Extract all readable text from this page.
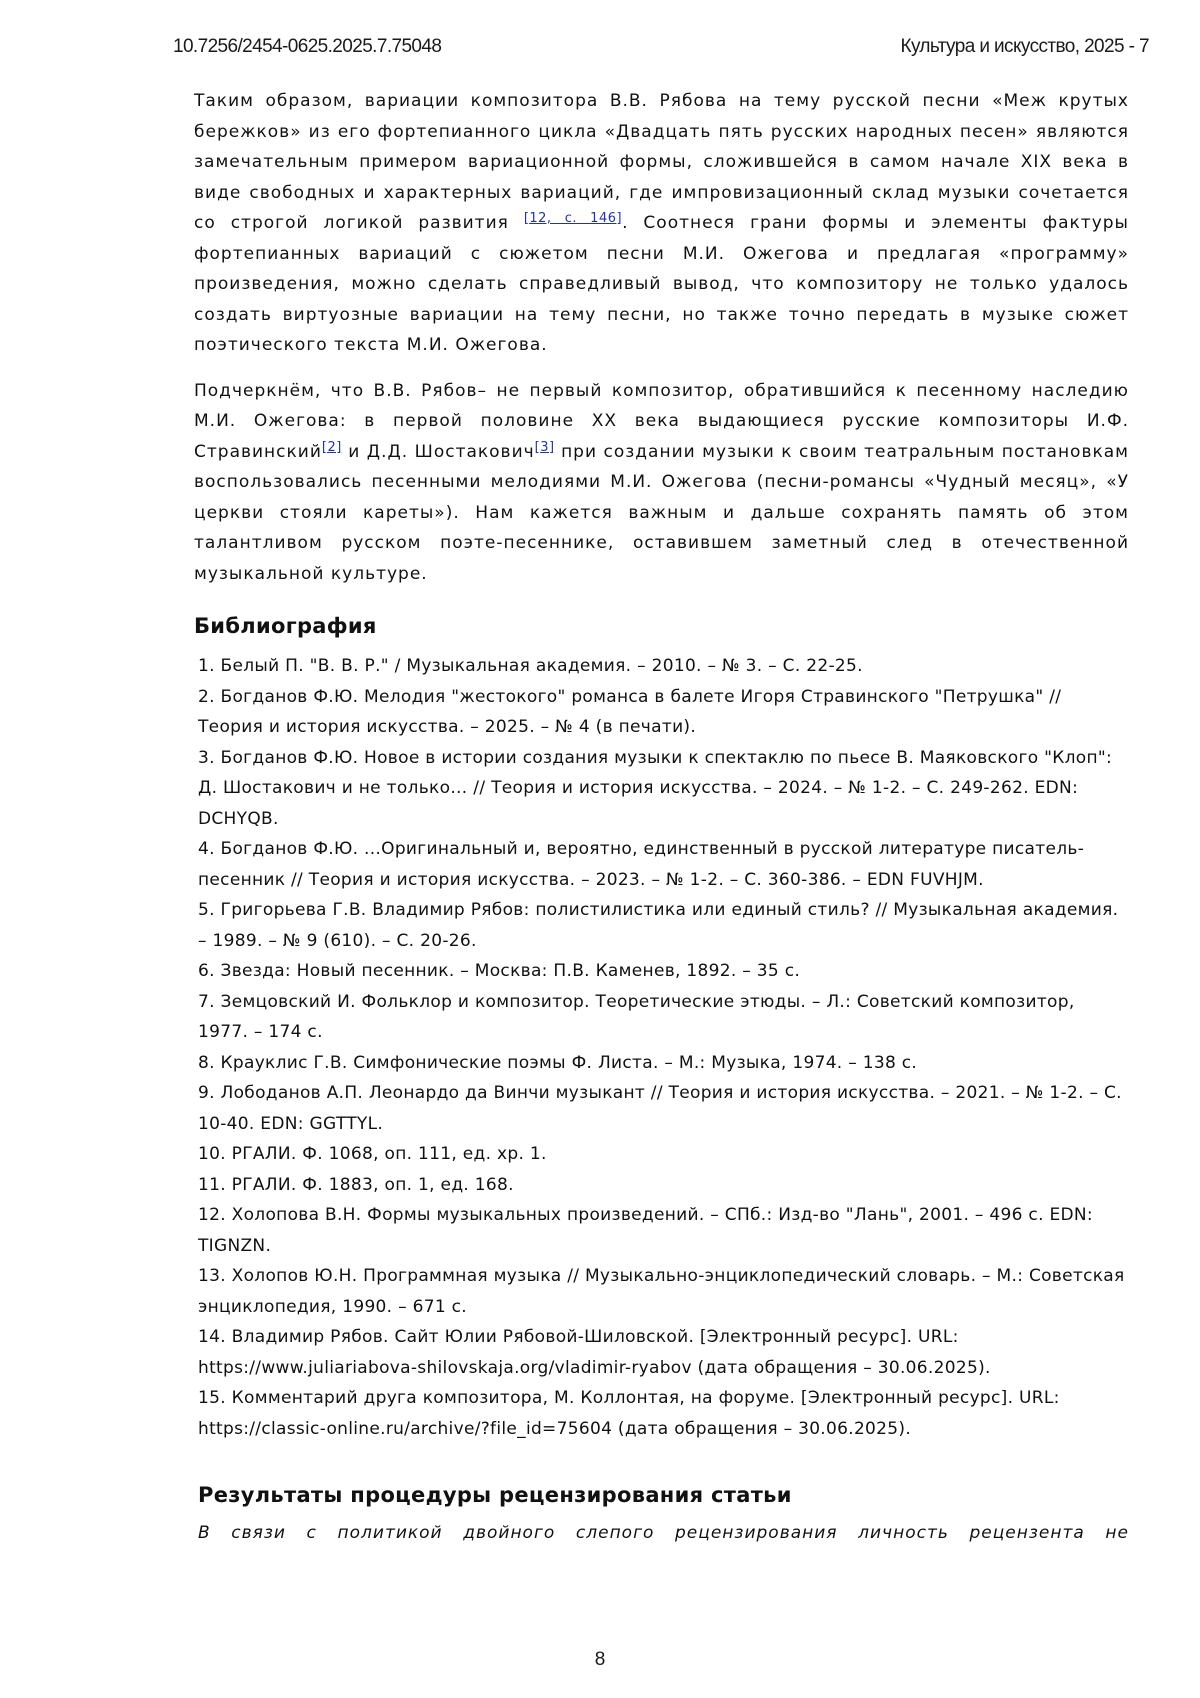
10.7256/2454-0625.2025.7.75048	Культура и искусство, 2025 - 7

Таким образом, вариации композитора В.В. Рябова на тему русской песни «Меж крутых бережков» из его фортепианного цикла «Двадцать пять русских народных песен» являются замечательным примером вариационной формы, сложившейся в самом начале XIX века в виде свободных и характерных вариаций, где импровизационный склад музыки сочетается со строгой логикой развития [12, с. 146]. Соотнеся грани формы и элементы фактуры фортепианных вариаций с сюжетом песни М.И. Ожегова и предлагая «программу» произведения, можно сделать справедливый вывод, что композитору не только удалось создать виртуозные вариации на тему песни, но также точно передать в музыке сюжет поэтического текста М.И. Ожегова.

Подчеркнём, что В.В. Рябов– не первый композитор, обратившийся к песенному наследию М.И. Ожегова: в первой половине XX века выдающиеся русские композиторы И.Ф. Стравинский[2] и Д.Д. Шостакович[3] при создании музыки к своим театральным постановкам воспользовались песенными мелодиями М.И. Ожегова (песни-романсы «Чудный месяц», «У церкви стояли кареты»). Нам кажется важным и дальше сохранять память об этом талантливом русском поэте-песеннике, оставившем заметный след в отечественной музыкальной культуре.

Библиография
1. Белый П. "В. В. Р." / Музыкальная академия. – 2010. – № 3. – С. 22-25.
2. Богданов Ф.Ю. Мелодия "жестокого" романса в балете Игоря Стравинского "Петрушка" // Теория и история искусства. – 2025. – № 4 (в печати).
3. Богданов Ф.Ю. Новое в истории создания музыки к спектаклю по пьесе В. Маяковского "Клоп": Д. Шостакович и не только… // Теория и история искусства. – 2024. – № 1-2. – С. 249-262. EDN: DCHYQB.
4. Богданов Ф.Ю. ...Оригинальный и, вероятно, единственный в русской литературе писатель-песенник // Теория и история искусства. – 2023. – № 1-2. – С. 360-386. – EDN FUVHJM.
5. Григорьева Г.В. Владимир Рябов: полистилистика или единый стиль? // Музыкальная академия. – 1989. – № 9 (610). – С. 20-26.
6. Звезда: Новый песенник. – Москва: П.В. Каменев, 1892. – 35 с.
7. Земцовский И. Фольклор и композитор. Теоретические этюды. – Л.: Советский композитор, 1977. – 174 с.
8. Крауклис Г.В. Симфонические поэмы Ф. Листа. – М.: Музыка, 1974. – 138 с.
9. Лободанов А.П. Леонардо да Винчи музыкант // Теория и история искусства. – 2021. – № 1-2. – С. 10-40. EDN: GGTTYL.
10. РГАЛИ. Ф. 1068, оп. 111, ед. хр. 1.
11. РГАЛИ. Ф. 1883, оп. 1, ед. 168.
12. Холопова В.Н. Формы музыкальных произведений. – СПб.: Изд-во "Лань", 2001. – 496 с. EDN: TIGNZN.
13. Холопов Ю.Н. Программная музыка // Музыкально-энциклопедический словарь. – М.: Советская энциклопедия, 1990. – 671 с.
14. Владимир Рябов. Сайт Юлии Рябовой-Шиловской. [Электронный ресурс]. URL: https://www.juliariabova-shilovskaja.org/vladimir-ryabov (дата обращения – 30.06.2025).
15. Комментарий друга композитора, М. Коллонтая, на форуме. [Электронный ресурс]. URL: https://classic-online.ru/archive/?file_id=75604 (дата обращения – 30.06.2025).
Результаты процедуры рецензирования статьи

В связи с политикой двойного слепого рецензирования личность рецензента не

8
